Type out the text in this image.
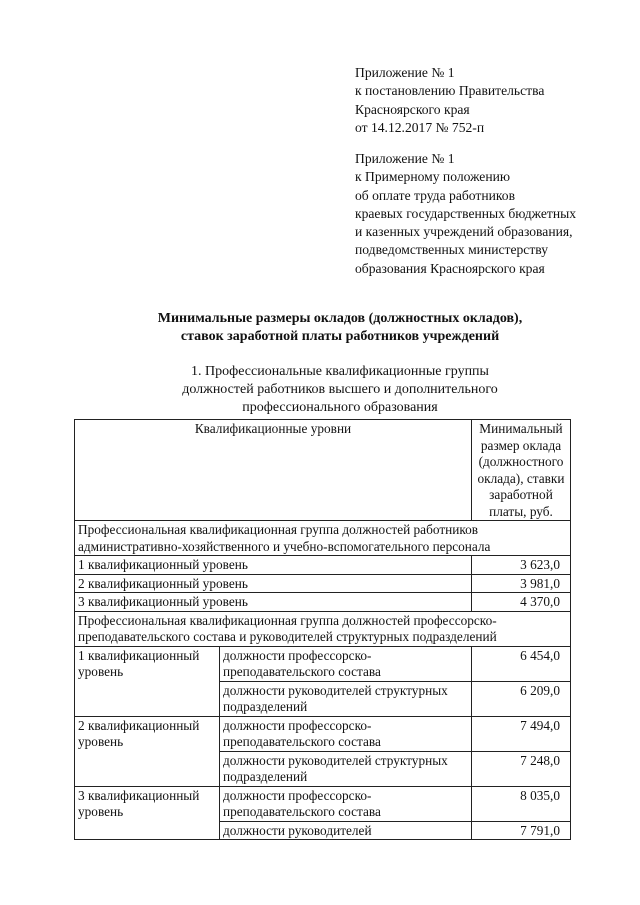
Приложение № 1
к постановлению Правительства
Красноярского края
от 14.12.2017 № 752-п
Приложение № 1
к Примерному положению
об оплате труда работников
краевых государственных бюджетных
и казенных учреждений образования,
подведомственных министерству
образования Красноярского края
Минимальные размеры окладов (должностных окладов),
ставок заработной платы работников учреждений
1. Профессиональные квалификационные группы
должностей работников высшего и дополнительного
профессионального образования
Квалификационные уровни		Минимальный размер оклада (должностного оклада), ставки заработной платы, руб.
Профессиональная квалификационная группа должностей работников административно-хозяйственного и учебно-вспомогательного персонала		
1 квалификационный уровень		3 623,0
2 квалификационный уровень		3 981,0
3 квалификационный уровень		4 370,0
Профессиональная квалификационная группа должностей профессорско-преподавательского состава и руководителей структурных подразделений		
1 квалификационный уровень	должности профессорско-преподавательского состава	6 454,0
	должности руководителей структурных подразделений	6 209,0
2 квалификационный уровень	должности профессорско-преподавательского состава	7 494,0
	должности руководителей структурных подразделений	7 248,0
3 квалификационный уровень	должности профессорско-преподавательского состава	8 035,0
	должности руководителей	7 791,0
